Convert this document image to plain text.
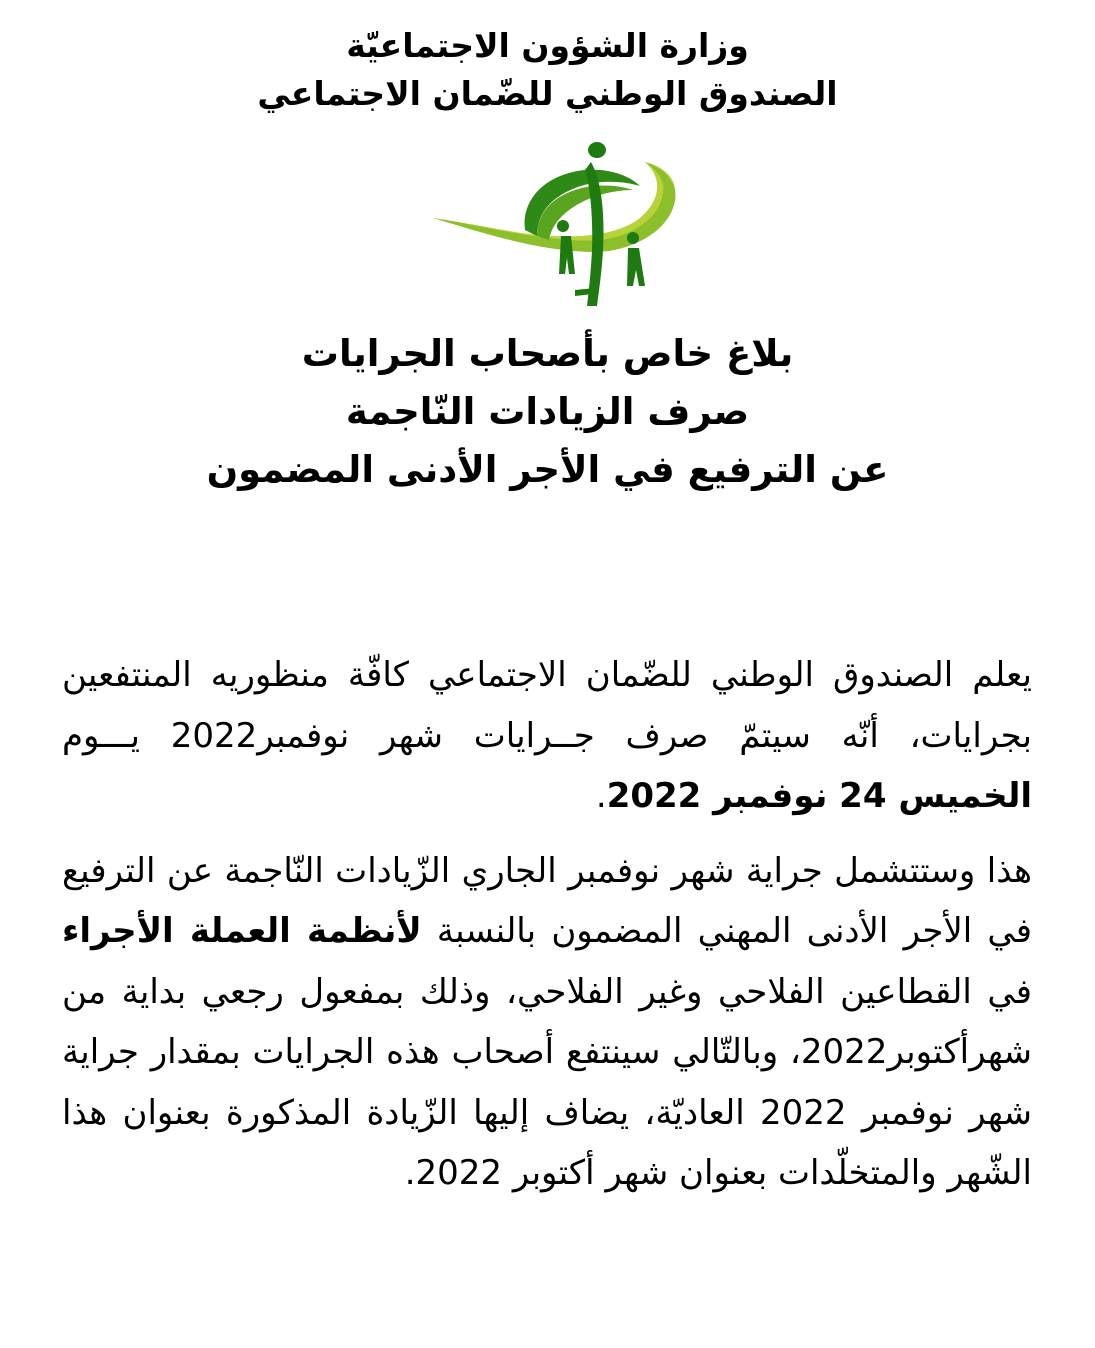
وزارة الشؤون الاجتماعيّة
الصندوق الوطني للضّمان الاجتماعي
بلاغ خاص بأصحاب الجرايات
صرف الزيادات النّاجمة
عن الترفيع في الأجر الأدنى المضمون

يعلم الصندوق الوطني للضّمان الاجتماعي كافّة منظوريه المنتفعين بجرايات، أنّه سيتمّ صرف جــرايات شهر نوفمبر2022 يـــوم الخميس 24 نوفمبر 2022.

هذا وستتشمل جراية شهر نوفمبر الجاري الزّيادات النّاجمة عن الترفيع في الأجر الأدنى المهني المضمون بالنسبة لأنظمة العملة الأجراء في القطاعين الفلاحي وغير الفلاحي، وذلك بمفعول رجعي بداية من شهرأكتوبر2022، وبالتّالي سينتفع أصحاب هذه الجرايات بمقدار جراية شهر نوفمبر 2022 العاديّة، يضاف إليها الزّيادة المذكورة بعنوان هذا الشّهر والمتخلّدات بعنوان شهر أكتوبر 2022.
